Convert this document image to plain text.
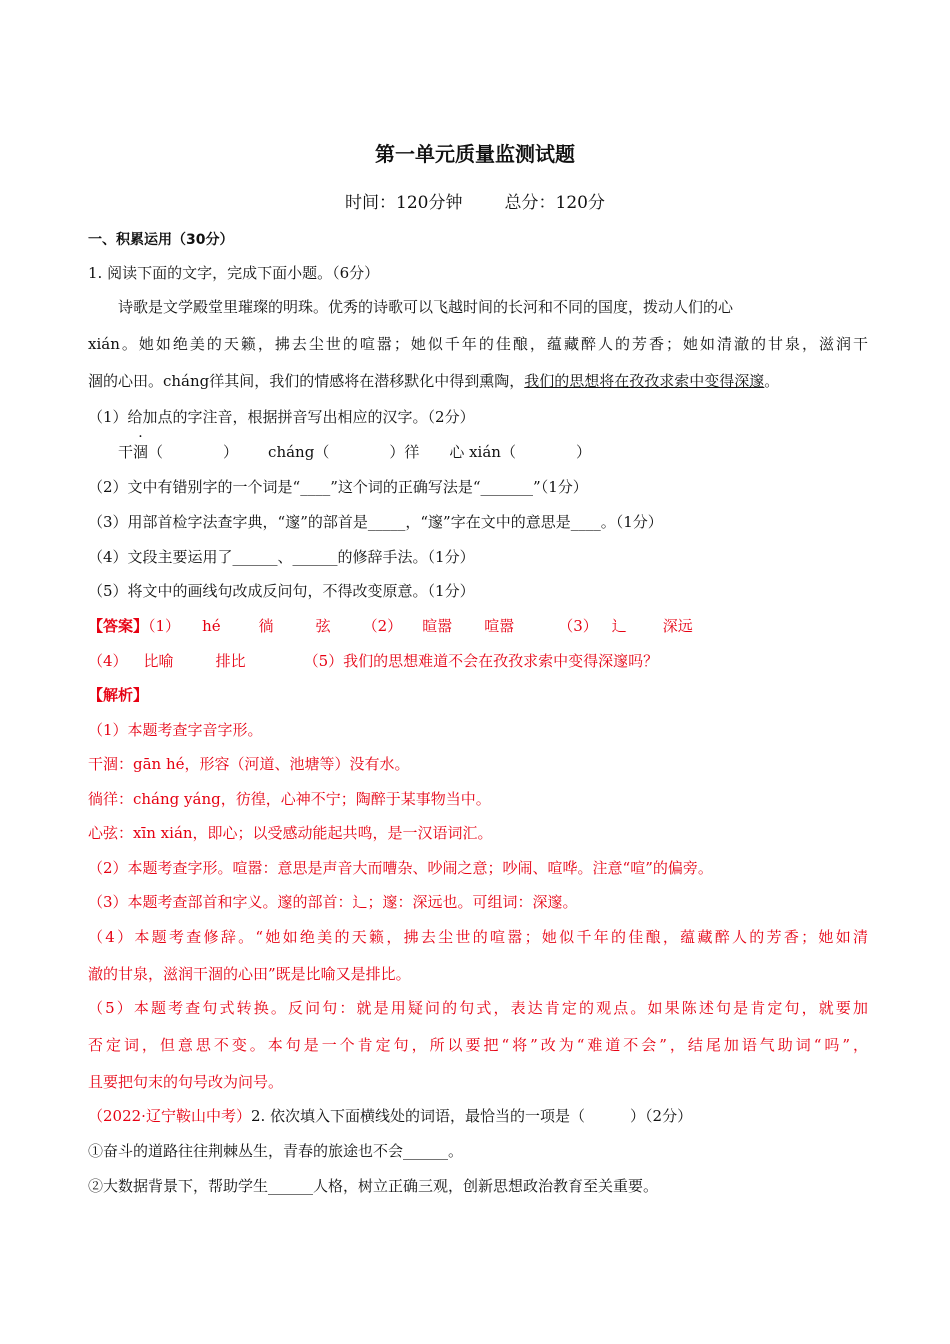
第一单元质量监测试题
时间：120分钟 总分：120分
一、积累运用（30分）
1. 阅读下面的文字，完成下面小题。（6分）
诗歌是文学殿堂里璀璨的明珠。优秀的诗歌可以飞越时间的长河和不同的国度，拨动人们的心
xián。她如绝美的天籁，拂去尘世的喧嚣；她似千年的佳酿，蕴藏醉人的芳香；她如清澈的甘泉，滋润干
涸的心田。cháng徉其间，我们的情感将在潜移默化中得到熏陶，我们的思想将在孜孜求索中变得深邃。
（1）给加点的字注音，根据拼音写出相应的汉字。（2分）
干涸（　　　　） cháng（　　　　）徉 心 xián（　　　　）
（2）文中有错别字的一个词是“____”这个词的正确写法是“_______”（1分）
（3）用部首检字法查字典，“邃”的部首是_____，“邃”字在文中的意思是____。（1分）
（4）文段主要运用了______、______的修辞手法。（1分）
（5）将文中的画线句改成反问句，不得改变原意。（1分）
【答案】（1） hé	徜	弦 （2） 暄嚣 喧嚣	（3） 辶 深远
（4） 比喻	排比	（5）我们的思想难道不会在孜孜求索中变得深邃吗？
【解析】
（1）本题考查字音字形。
干涸：gān hé，形容（河道、池塘等）没有水。
徜徉：cháng yáng，彷徨，心神不宁；陶醉于某事物当中。
心弦：xīn xián，即心；以受感动能起共鸣，是一汉语词汇。
（2）本题考查字形。喧嚣：意思是声音大而嘈杂、吵闹之意；吵闹、喧哗。注意“喧”的偏旁。
（3）本题考查部首和字义。邃的部首：辶；邃：深远也。可组词：深邃。
（4）本题考查修辞。“她如绝美的天籁，拂去尘世的喧嚣；她似千年的佳酿，蕴藏醉人的芳香；她如清
澈的甘泉，滋润干涸的心田”既是比喻又是排比。
（5）本题考查句式转换。反问句：就是用疑问的句式，表达肯定的观点。如果陈述句是肯定句，就要加
否定词，但意思不变。本句是一个肯定句，所以要把“将”改为“难道不会”，结尾加语气助词“吗”，
且要把句末的句号改为问号。
（2022·辽宁鞍山中考）2. 依次填入下面横线处的词语，最恰当的一项是（　　　）（2分）
①奋斗的道路往往荆棘丛生，青春的旅途也不会______。
②大数据背景下，帮助学生______人格，树立正确三观，创新思想政治教育至关重要。
